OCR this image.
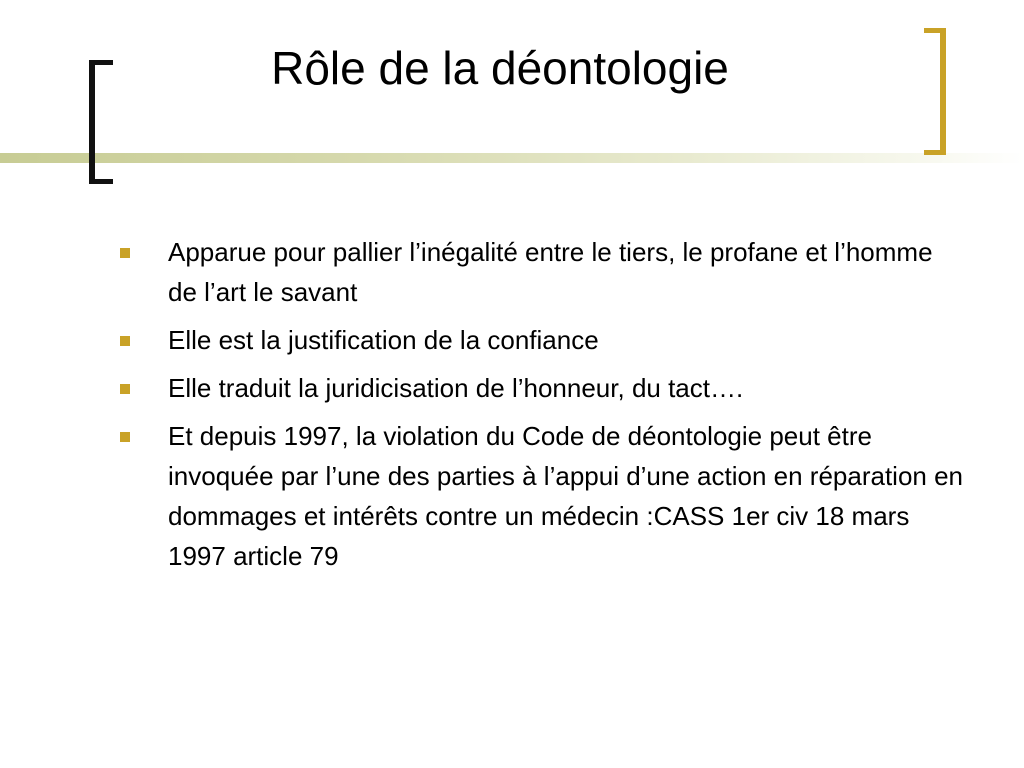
Rôle de la déontologie
Apparue pour pallier l’inégalité entre le tiers, le profane et l’homme de l’art le savant
Elle est la justification de la confiance
Elle traduit la juridicisation de l’honneur, du tact….
Et depuis 1997, la violation du Code de déontologie peut être invoquée par l’une des parties à l’appui d’une action en réparation en dommages et intérêts contre un médecin :CASS 1er civ 18 mars 1997 article 79
